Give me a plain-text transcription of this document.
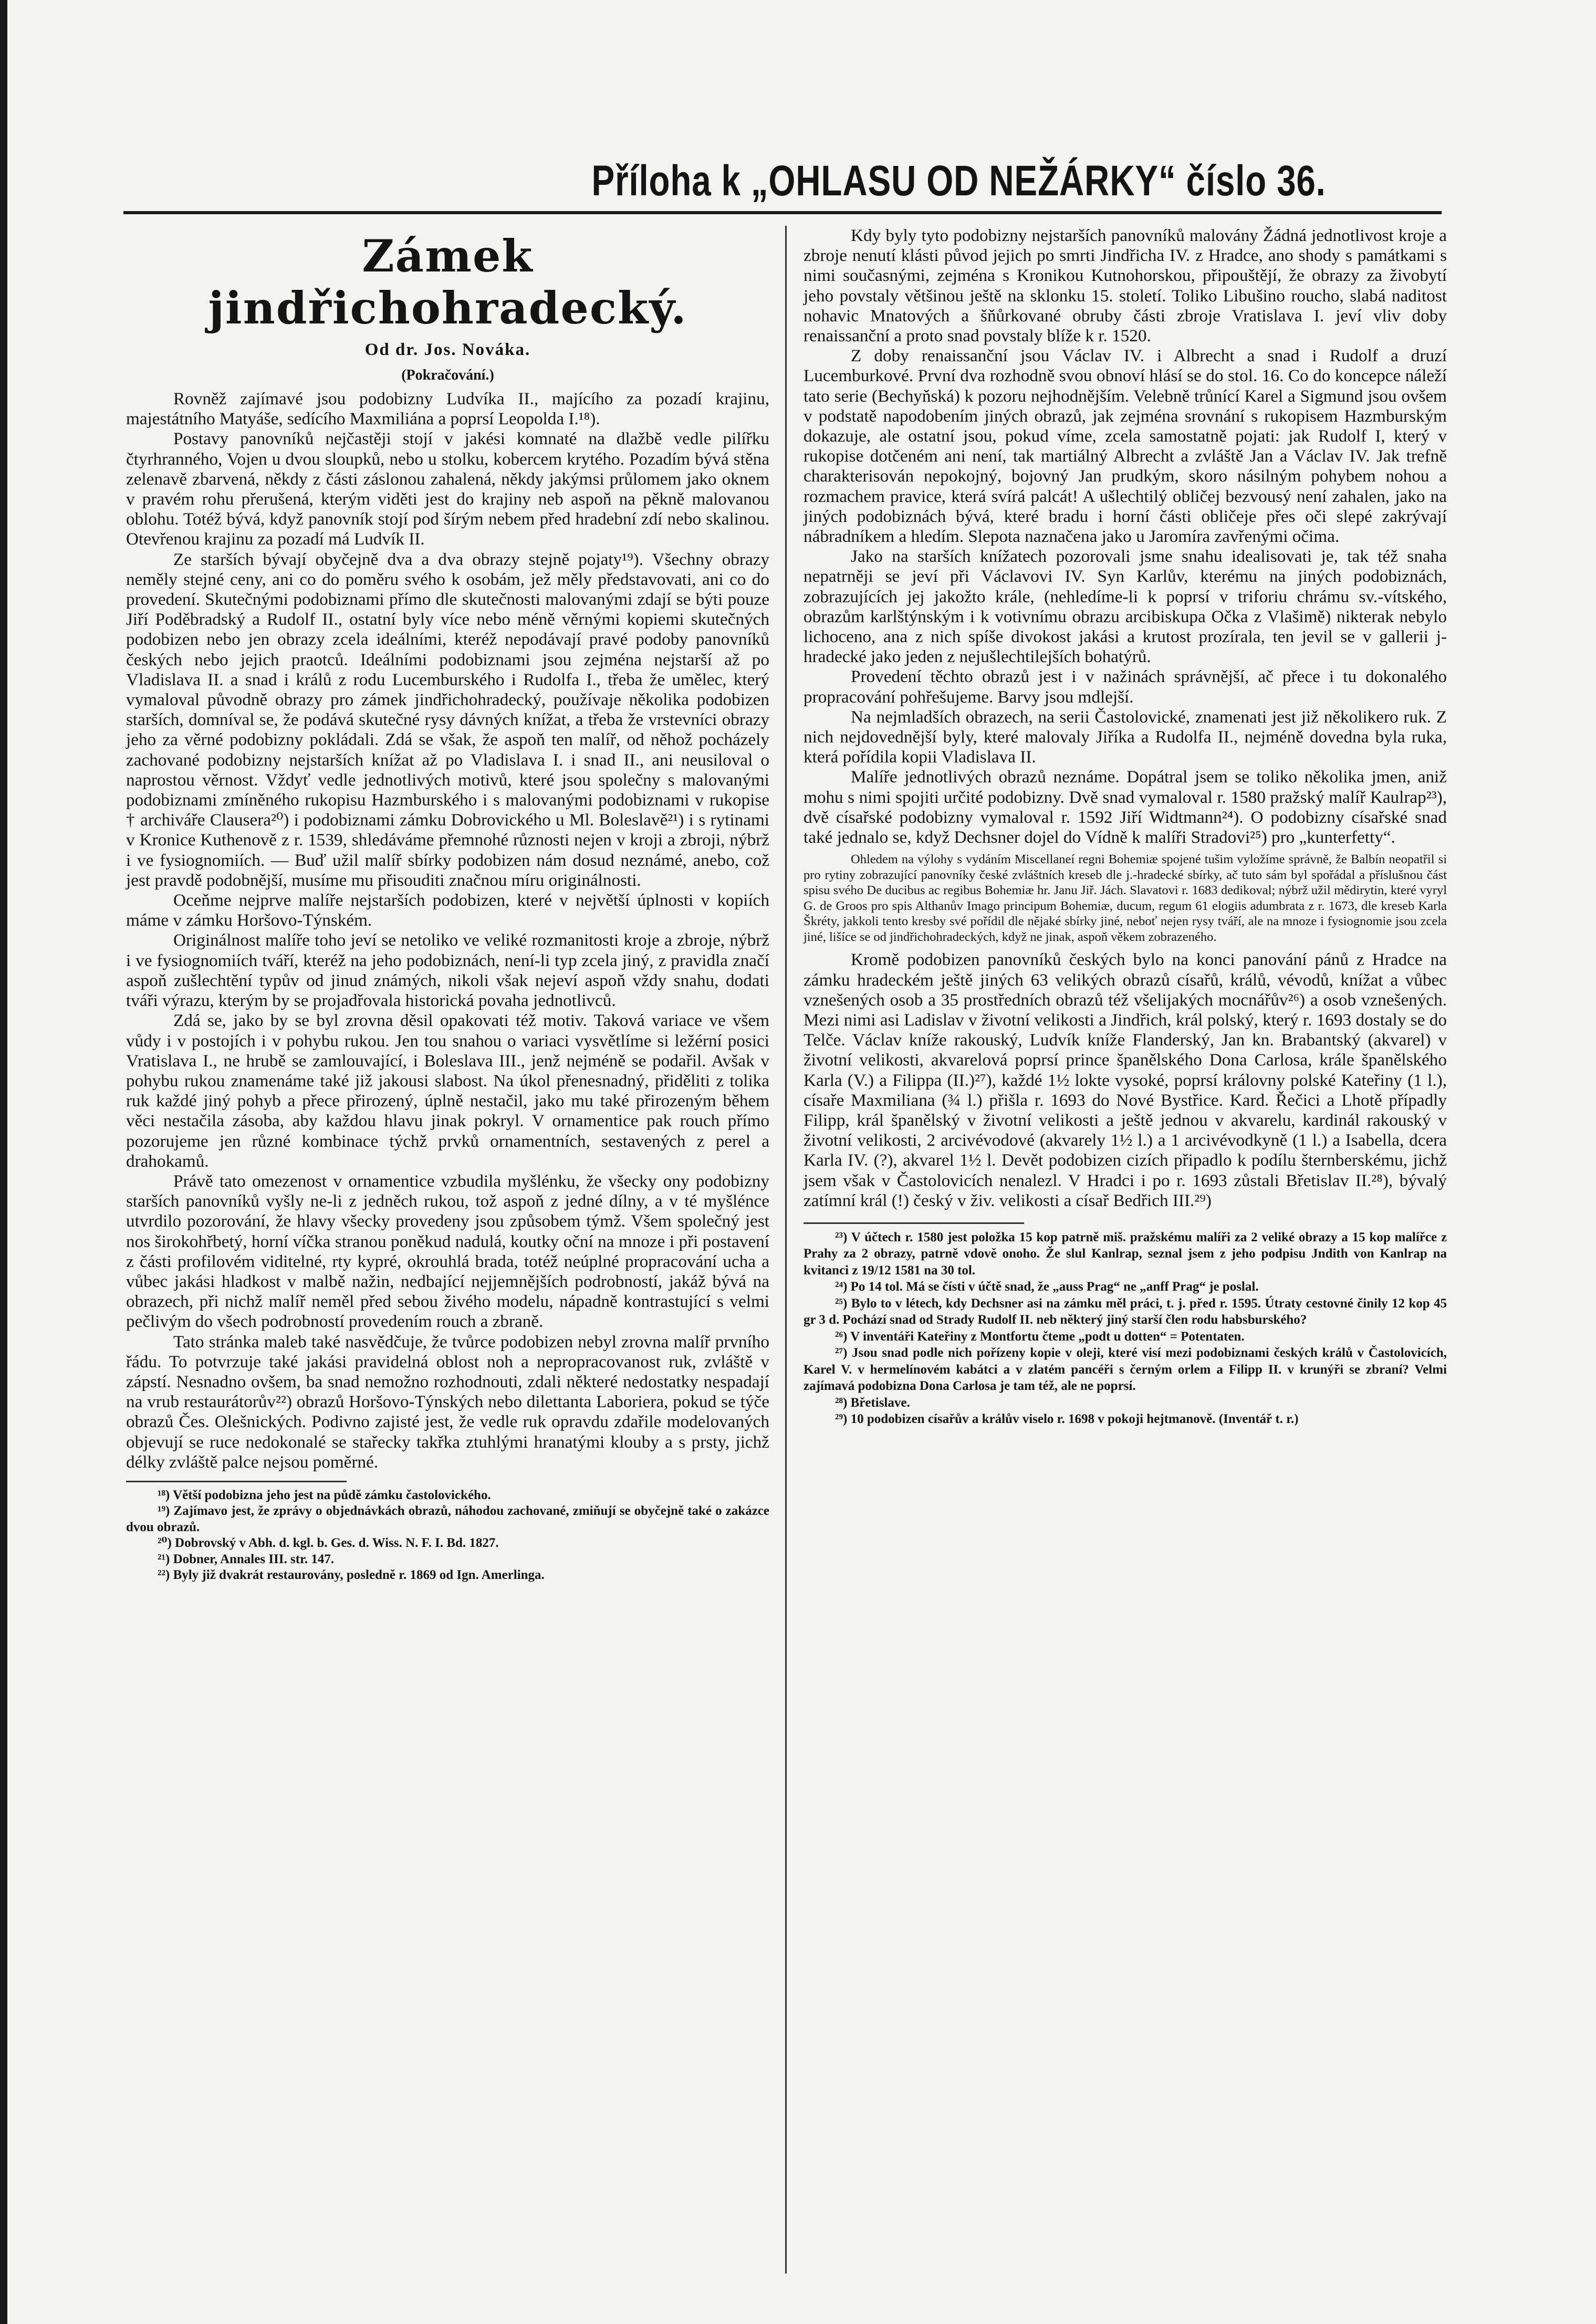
Příloha k „OHLASU OD NEŽÁRKY“ číslo 36.
Zámek jindřichohradecký.
Od dr. Jos. Nováka.
(Pokračování.)

Rovněž zajímavé jsou podobizny Ludvíka II., majícího za pozadí krajinu, majestátního Matyáše, sedícího Maxmiliána a poprsí Leopolda I.¹⁸).

Postavy panovníků nejčastěji stojí v jakési komnaté na dlažbě vedle pilířku čtyrhranného, Vojen u dvou sloupků, nebo u stolku, kobercem krytého. Pozadím bývá stěna zelenavě zbarvená, někdy z části záslonou zahalená, někdy jakýmsi průlomem jako oknem v pravém rohu přerušená, kterým viděti jest do krajiny neb aspoň na pěkně malovanou oblohu. Totéž bývá, když panovník stojí pod šírým nebem před hradební zdí nebo skalinou. Otevřenou krajinu za pozadí má Ludvík II.

Ze starších bývají obyčejně dva a dva obrazy stejně pojaty¹⁹). Všechny obrazy neměly stejné ceny, ani co do poměru svého k osobám, jež měly představovati, ani co do provedení. Skutečnými podobiznami přímo dle skutečnosti malovanými zdají se býti pouze Jiří Poděbradský a Rudolf II., ostatní byly více nebo méně věrnými kopiemi skutečných podobizen nebo jen obrazy zcela ideálními, kteréž nepodávají pravé podoby panovníků českých nebo jejich praotců. Ideálními podobiznami jsou zejména nejstarší až po Vladislava II. a snad i králů z rodu Lucemburského i Rudolfa I., třeba že umělec, který vymaloval původně obrazy pro zámek jindřichohradecký, používaje několika podobizen starších, domníval se, že podává skutečné rysy dávných knížat, a třeba že vrstevníci obrazy jeho za věrné podobizny pokládali. Zdá se však, že aspoň ten malíř, od něhož pocházely zachované podobizny nejstarších knížat až po Vladislava I. i snad II., ani neusiloval o naprostou věrnost. Vždyť vedle jednotlivých motivů, které jsou společny s malovanými podobiznami zmíněného rukopisu Hazmburského i s malovanými podobiznami v rukopise † archiváře Clausera²⁰) i podobiznami zámku Dobrovického u Ml. Boleslavě²¹) i s rytinami v Kronice Kuthenově z r. 1539, shledáváme přemnohé různosti nejen v kroji a zbroji, nýbrž i ve fysiognomiích. — Buď užil malíř sbírky podobizen nám dosud neznámé, anebo, což jest pravdě podobnější, musíme mu přisouditi značnou míru originálnosti.

Oceňme nejprve malíře nejstarších podobizen, které v největší úplnosti v kopiích máme v zámku Horšovo-Týnském.

Originálnost malíře toho jeví se netoliko ve veliké rozmanitosti kroje a zbroje, nýbrž i ve fysiognomiích tváří, kteréž na jeho podobiznách, není-li typ zcela jiný, z pravidla značí aspoň zušlechtění typův od jinud známých, nikoli však nejeví aspoň vždy snahu, dodati tváři výrazu, kterým by se projadřovala historická povaha jednotlivců.

Zdá se, jako by se byl zrovna děsil opakovati též motiv. Taková variace ve všem vůdy i v postojích i v pohybu rukou. Jen tou snahou o variaci vysvětlíme si ležérní posici Vratislava I., ne hrubě se zamlouvající, i Boleslava III., jenž nejméně se podařil. Avšak v pohybu rukou znamenáme také již jakousi slabost. Na úkol přenesnadný, přiděliti z tolika ruk každé jiný pohyb a přece přirozený, úplně nestačil, jako mu také přirozeným během věci nestačila zásoba, aby každou hlavu jinak pokryl. V ornamentice pak rouch přímo pozorujeme jen různé kombinace týchž prvků ornamentních, sestavených z perel a drahokamů.

Právě tato omezenost v ornamentice vzbudila myšlénku, že všecky ony podobizny starších panovníků vyšly ne-li z jedněch rukou, tož aspoň z jedné dílny, a v té myšlénce utvrdilo pozorování, že hlavy všecky provedeny jsou způsobem týmž. Všem společný jest nos širokohřbetý, horní víčka stranou poněkud nadulá, koutky oční na mnoze i při postavení z části profilovém viditelné, rty kypré, okrouhlá brada, totéž neúplné propracování ucha a vůbec jakási hladkost v malbě nažin, nedbající nejjemnějších podrobností, jakáž bývá na obrazech, při nichž malíř neměl před sebou živého modelu, nápadně kontrastující s velmi pečlivým do všech podrobností provedením rouch a zbraně.

Tato stránka maleb také nasvědčuje, že tvůrce podobizen nebyl zrovna malíř prvního řádu. To potvrzuje také jakási pravidelná oblost noh a nepropracovanost ruk, zvláště v zápstí. Nesnadno ovšem, ba snad nemožno rozhodnouti, zdali některé nedostatky nespadají na vrub restaurátorův²²) obrazů Horšovo-Týnských nebo dilettanta Laboriera, pokud se týče obrazů Čes. Olešnických. Podivno zajisté jest, že vedle ruk opravdu zdařile modelovaných objevují se ruce nedokonalé se stařecky takřka ztuhlými hranatými klouby a s prsty, jichž délky zvláště palce nejsou poměrné.

¹⁸) Větší podobizna jeho jest na půdě zámku častolovického.

¹⁹) Zajímavo jest, že zprávy o objednávkách obrazů, náhodou zachované, zmiňují se obyčejně také o zakázce dvou obrazů.

²⁰) Dobrovský v Abh. d. kgl. b. Ges. d. Wiss. N. F. I. Bd. 1827.

²¹) Dobner, Annales III. str. 147.

²²) Byly již dvakrát restaurovány, posledně r. 1869 od Ign. Amerlinga.

Kdy byly tyto podobizny nejstarších panovníků malovány Žádná jednotlivost kroje a zbroje nenutí klásti původ jejich po smrti Jindřicha IV. z Hradce, ano shody s památkami s nimi současnými, zejména s Kronikou Kutnohorskou, připouštějí, že obrazy za živobytí jeho povstaly většinou ještě na sklonku 15. století. Toliko Libušino roucho, slabá naditost nohavic Mnatových a šňůrkované obruby části zbroje Vratislava I. jeví vliv doby renaissanční a proto snad povstaly blíže k r. 1520.

Z doby renaissanční jsou Václav IV. i Albrecht a snad i Rudolf a druzí Lucemburkové. První dva rozhodně svou obnoví hlásí se do stol. 16. Co do koncepce náleží tato serie (Bechyňská) k pozoru nejhodnějším. Velebně trůnící Karel a Sigmund jsou ovšem v podstatě napodobením jiných obrazů, jak zejména srovnání s rukopisem Hazmburským dokazuje, ale ostatní jsou, pokud víme, zcela samostatně pojati: jak Rudolf I, který v rukopise dotčeném ani není, tak martiálný Albrecht a zvláště Jan a Václav IV. Jak trefně charakterisován nepokojný, bojovný Jan prudkým, skoro násilným pohybem nohou a rozmachem pravice, která svírá palcát! A ušlechtilý obličej bezvousý není zahalen, jako na jiných podobiznách bývá, které bradu i horní části obličeje přes oči slepé zakrývají nábradníkem a hledím. Slepota naznačena jako u Jaromíra zavřenými očima.

Jako na starších knížatech pozorovali jsme snahu idealisovati je, tak též snaha nepatrněji se jeví při Václavovi IV. Syn Karlův, kterému na jiných podobiznách, zobrazujících jej jakožto krále, (nehledíme-li k poprsí v triforiu chrámu sv.-vítského, obrazům karlštýnským i k votivnímu obrazu arcibiskupa Očka z Vlašimě) nikterak nebylo lichoceno, ana z nich spíše divokost jakási a krutost prozírala, ten jevil se v gallerii j-hradecké jako jeden z nejušlechtilejších bohatýrů.

Provedení těchto obrazů jest i v nažinách správnější, ač přece i tu dokonalého propracování pohřešujeme. Barvy jsou mdlejší.

Na nejmladších obrazech, na serii Častolovické, znamenati jest již několikero ruk. Z nich nejdovednější byly, které malovaly Jiříka a Rudolfa II., nejméně dovedna byla ruka, která pořídila kopii Vladislava II.

Malíře jednotlivých obrazů neznáme. Dopátral jsem se toliko několika jmen, aniž mohu s nimi spojiti určité podobizny. Dvě snad vymaloval r. 1580 pražský malíř Kaulrap²³), dvě císařské podobizny vymaloval r. 1592 Jiří Widtmann²⁴). O podobizny císařské snad také jednalo se, když Dechsner dojel do Vídně k malíři Stradovi²⁵) pro „kunterfetty“.

Ohledem na výlohy s vydáním Miscellaneí regni Bohemiæ spojené tušim vyložíme správně, že Balbín neopatřil si pro rytiny zobrazující panovníky české zvláštních kreseb dle j.-hradecké sbírky, ač tuto sám byl spořádal a příslušnou část spisu svého De ducibus ac regibus Bohemiæ hr. Janu Jiř. Jách. Slavatovi r. 1683 dedikoval; nýbrž užil mědirytin, které vyryl G. de Groos pro spis Althanův Imago principum Bohemiæ, ducum, regum 61 elogiis adumbrata z r. 1673, dle kreseb Karla Škréty, jakkoli tento kresby své pořídil dle nějaké sbírky jiné, neboť nejen rysy tváří, ale na mnoze i fysiognomie jsou zcela jiné, lišíce se od jindřichohradeckých, když ne jinak, aspoň věkem zobrazeného.

Kromě podobizen panovníků českých bylo na konci panování pánů z Hradce na zámku hradeckém ještě jiných 63 velikých obrazů císařů, králů, vévodů, knížat a vůbec vznešených osob a 35 prostředních obrazů též všelijakých mocnářův²⁶) a osob vznešených. Mezi nimi asi Ladislav v životní velikosti a Jindřich, král polský, který r. 1693 dostaly se do Telče. Václav kníže rakouský, Ludvík kníže Flanderský, Jan kn. Brabantský (akvarel) v životní velikosti, akvarelová poprsí prince španělského Dona Carlosa, krále španělského Karla (V.) a Filippa (II.)²⁷), každé 1½ lokte vysoké, poprsí královny polské Kateřiny (1 l.), císaře Maxmiliana (¾ l.) přišla r. 1693 do Nové Bystřice. Kard. Řečici a Lhotě případly Filipp, král španělský v životní velikosti a ještě jednou v akvarelu, kardinál rakouský v životní velikosti, 2 arcivévodové (akvarely 1½ l.) a 1 arcivévodkyně (1 l.) a Isabella, dcera Karla IV. (?), akvarel 1½ l. Devět podobizen cizích připadlo k podílu šternberskému, jichž jsem však v Častolovicích nenalezl. V Hradci i po r. 1693 zůstali Břetislav II.²⁸), bývalý zatímní král (!) český v živ. velikosti a císař Bedřich III.²⁹)

²³) V účtech r. 1580 jest položka 15 kop patrně miš. pražskému malíři za 2 veliké obrazy a 15 kop malířce z Prahy za 2 obrazy, patrně vdově onoho. Že slul Kanlrap, seznal jsem z jeho podpisu Jndith von Kanlrap na kvitanci z 19/12 1581 na 30 tol.

²⁴) Po 14 tol. Má se čísti v účtě snad, že „auss Prag“ ne „anff Prag“ je poslal.

²⁵) Bylo to v létech, kdy Dechsner asi na zámku měl práci, t. j. před r. 1595. Útraty cestovné činily 12 kop 45 gr 3 d. Pochází snad od Strady Rudolf II. neb některý jiný starší člen rodu habsburského?

²⁶) V inventáři Kateřiny z Montfortu čteme „podt u dotten“ = Potentaten.

²⁷) Jsou snad podle nich pořízeny kopie v oleji, které visí mezi podobiznami českých králů v Častolovicích, Karel V. v hermelínovém kabátci a v zlatém pancéři s černým orlem a Filipp II. v krunýři se zbraní? Velmi zajímavá podobizna Dona Carlosa je tam též, ale ne poprsí.

²⁸) Břetislave.

²⁹) 10 podobizen císařův a králův viselo r. 1698 v pokoji hejtmanově. (Inventář t. r.)
